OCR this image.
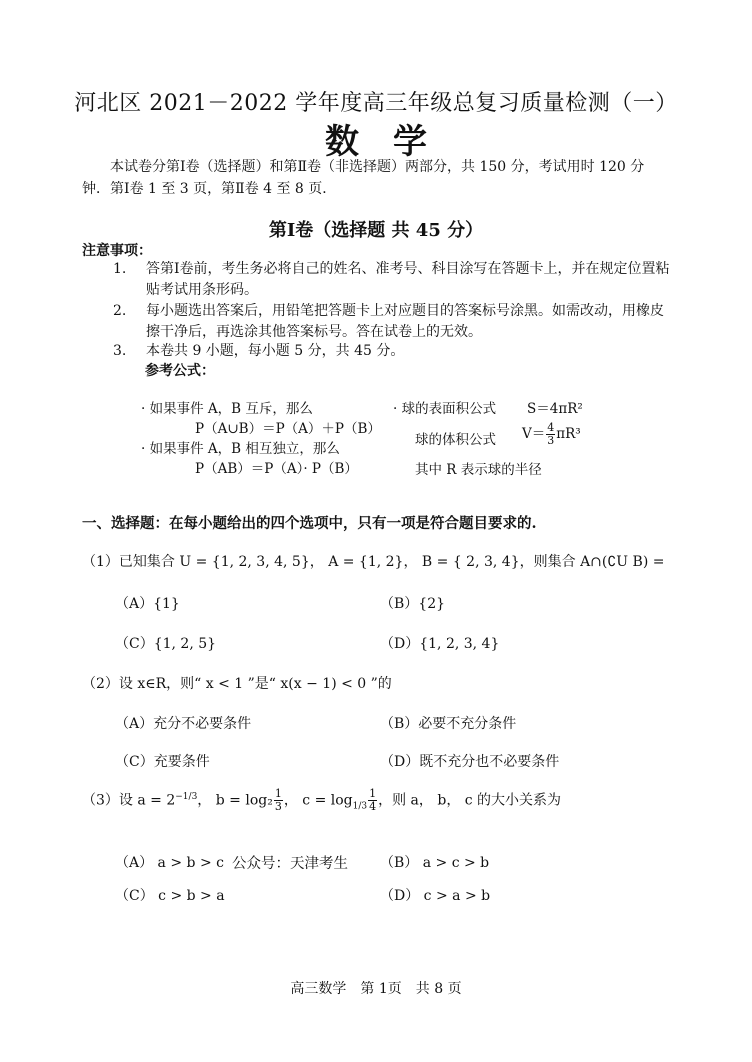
河北区 2021－2022 学年度高三年级总复习质量检测（一）
数学
本试卷分第Ⅰ卷（选择题）和第Ⅱ卷（非选择题）两部分，共 150 分，考试用时 120 分钟．第Ⅰ卷 1 至 3 页，第Ⅱ卷 4 至 8 页．
第Ⅰ卷（选择题 共 45 分）
注意事项：
1. 答第Ⅰ卷前，考生务必将自己的姓名、准考号、科目涂写在答题卡上，并在规定位置粘贴考试用条形码。
2. 每小题选出答案后，用铅笔把答题卡上对应题目的答案标号涂黑。如需改动，用橡皮擦干净后，再选涂其他答案标号。答在试卷上的无效。
3. 本卷共 9 小题，每小题 5 分，共 45 分。
参考公式：
· 如果事件 A，B 互斥，那么
P（A∪B）＝P（A）＋P（B）
· 如果事件 A，B 相互独立，那么
P（AB）＝P（A）· P（B）
· 球的表面积公式 S＝4πR²
球的体积公式 $V= \frac{4}{3} \pi R^3$
其中 R 表示球的半径
一、选择题：在每小题给出的四个选项中，只有一项是符合题目要求的.
（1）已知集合 U = {1, 2, 3, 4, 5}， A = {1, 2}， B = { 2, 3, 4}，则集合 A∩(∁U B) =
（A）{1}	（B）{2}
（C）{1, 2, 5}	（D）{1, 2, 3, 4}
（2）设 x∈R，则“ x < 1 ”是“ x(x − 1) < 0 ”的
（A）充分不必要条件	（B）必要不充分条件
（C）充要条件	（D）既不充分也不必要条件
（3）设 $a = 2^{-1/3}$， $b = \log_2 \frac{1}{3}$ ， $c = \log_{1/3} \frac{1}{4}$ ，则 a， b， c 的大小关系为
（A） a > b > c 公众号：天津考生 （B） a > c > b
（C） c > b > a	（D） c > a > b
高三数学　第 1页　共 8 页
